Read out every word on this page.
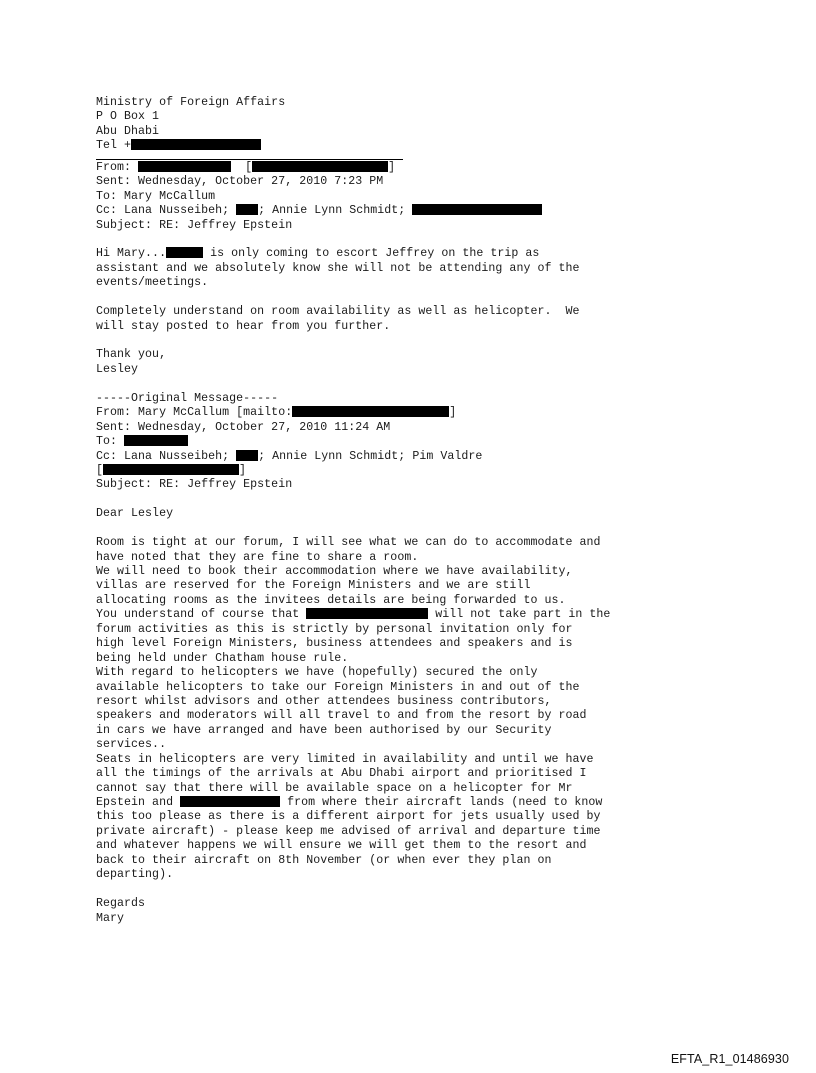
Ministry of Foreign Affairs
P O Box 1
Abu Dhabi
Tel +
From:	[	]
Sent: Wednesday, October 27, 2010 7:23 PM
To: Mary McCallum
Cc: Lana Nusseibeh; ; Annie Lynn Schmidt;
Subject: RE: Jeffrey Epstein
Hi Mary...	is only coming to escort Jeffrey on the trip as
assistant and we absolutely know she will not be attending any of the
events/meetings.
Completely understand on room availability as well as helicopter.  We
will stay posted to hear from you further.
Thank you,
Lesley
-----Original Message-----
From: Mary McCallum [mailto:	]
Sent: Wednesday, October 27, 2010 11:24 AM
To:
Cc: Lana Nusseibeh; ; Annie Lynn Schmidt; Pim Valdre
[	]
Subject: RE: Jeffrey Epstein
Dear Lesley
Room is tight at our forum, I will see what we can do to accommodate and
have noted that they are fine to share a room.
We will need to book their accommodation where we have availability,
villas are reserved for the Foreign Ministers and we are still
allocating rooms as the invitees details are being forwarded to us.
You understand of course that	will not take part in the
forum activities as this is strictly by personal invitation only for
high level Foreign Ministers, business attendees and speakers and is
being held under Chatham house rule.
With regard to helicopters we have (hopefully) secured the only
available helicopters to take our Foreign Ministers in and out of the
resort whilst advisors and other attendees business contributors,
speakers and moderators will all travel to and from the resort by road
in cars we have arranged and have been authorised by our Security
services..
Seats in helicopters are very limited in availability and until we have
all the timings of the arrivals at Abu Dhabi airport and prioritised I
cannot say that there will be available space on a helicopter for Mr
Epstein and	from where their aircraft lands (need to know
this too please as there is a different airport for jets usually used by
private aircraft) - please keep me advised of arrival and departure time
and whatever happens we will ensure we will get them to the resort and
back to their aircraft on 8th November (or when ever they plan on
departing).
Regards
Mary
EFTA_R1_01486930
